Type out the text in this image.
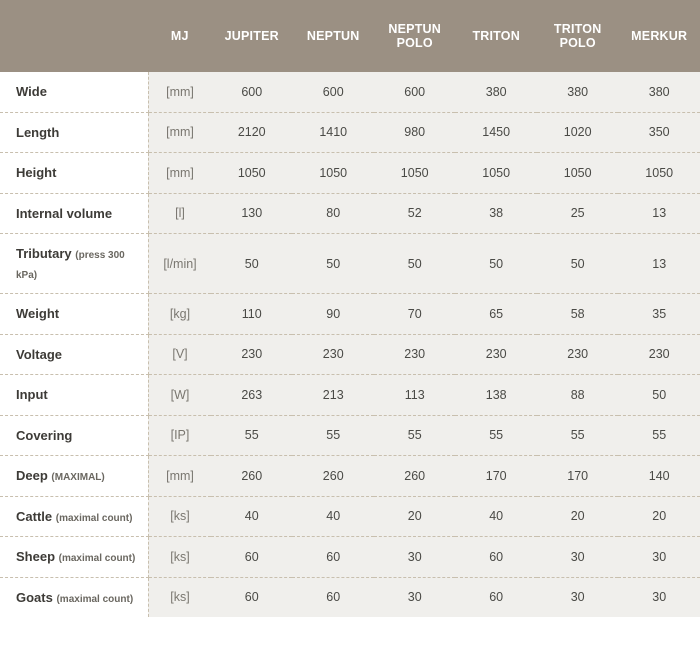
	MJ	JUPITER	NEPTUN	NEPTUN POLO	TRITON	TRITON POLO	MERKUR
Wide	[mm]	600	600	600	380	380	380
Length	[mm]	2120	1410	980	1450	1020	350
Height	[mm]	1050	1050	1050	1050	1050	1050
Internal volume	[l]	130	80	52	38	25	13
Tributary (press 300 kPa)	[l/min]	50	50	50	50	50	13
Weight	[kg]	110	90	70	65	58	35
Voltage	[V]	230	230	230	230	230	230
Input	[W]	263	213	113	138	88	50
Covering	[IP]	55	55	55	55	55	55
Deep (MAXIMAL)	[mm]	260	260	260	170	170	140
Cattle (maximal count)	[ks]	40	40	20	40	20	20
Sheep (maximal count)	[ks]	60	60	30	60	30	30
Goats (maximal count)	[ks]	60	60	30	60	30	30
